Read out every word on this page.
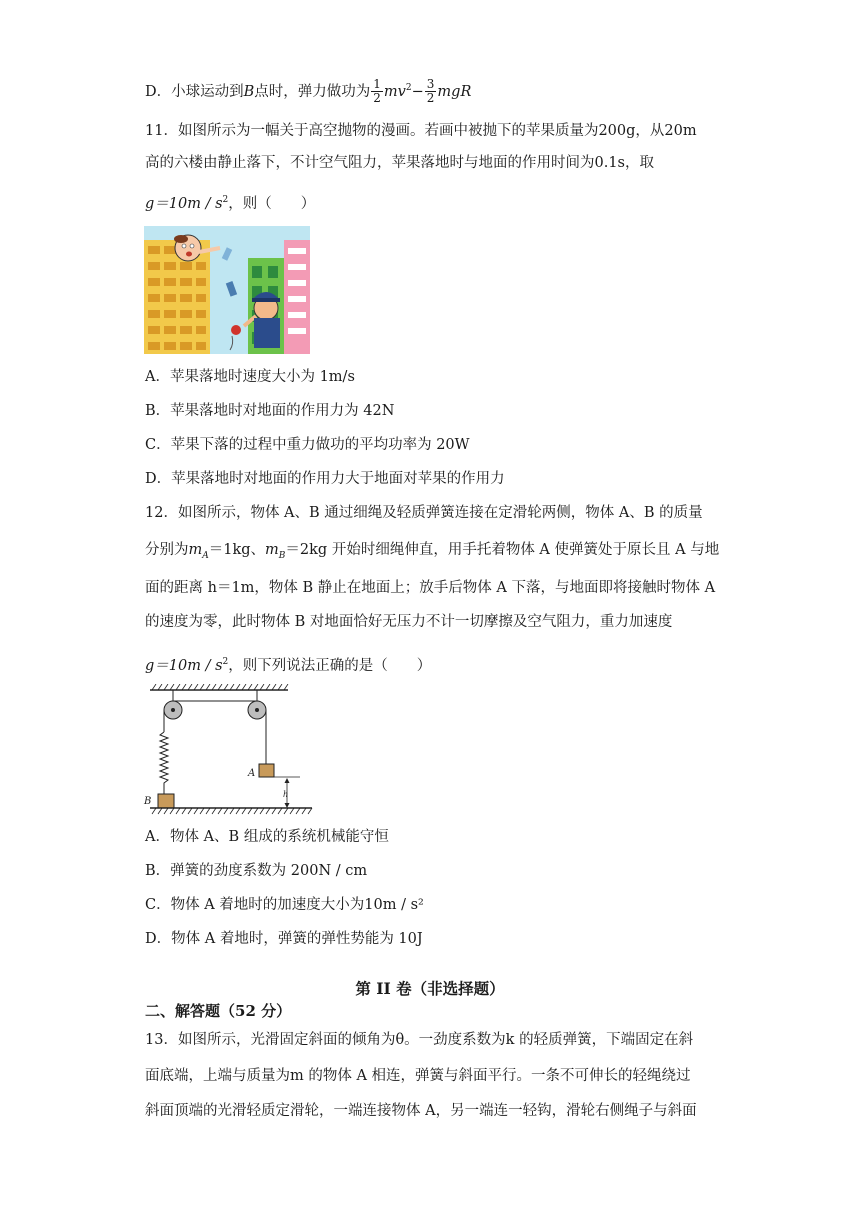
D．小球运动到B点时，弹力做功为 $\frac{1}{2} mv^2- \frac{3}{2}$ mgR
11．如图所示为一幅关于高空抛物的漫画。若画中被抛下的苹果质量为200g，从20m
高的六楼由静止落下，不计空气阻力，苹果落地时与地面的作用时间为0.1s，取
$g=10m / s^2$，则（　　）
A．苹果落地时速度大小为 1m/s
B．苹果落地时对地面的作用力为 42N
C．苹果下落的过程中重力做功的平均功率为 20W
D．苹果落地时对地面的作用力大于地面对苹果的作用力
12．如图所示，物体 A、B 通过细绳及轻质弹簧连接在定滑轮两侧，物体 A、B 的质量
分别为$m_A=1kg$、$m_B=2kg$ 开始时细绳伸直，用手托着物体 A 使弹簧处于原长且 A 与地
面的距离 h＝1m，物体 B 静止在地面上；放手后物体 A 下落，与地面即将接触时物体 A
的速度为零，此时物体 B 对地面恰好无压力不计一切摩擦及空气阻力，重力加速度
$g=10m / s^2$，则下列说法正确的是（　　）
B
A
h
A．物体 A、B 组成的系统机械能守恒
B．弹簧的劲度系数为 200N / cm
C．物体 A 着地时的加速度大小为10m / s²
D．物体 A 着地时，弹簧的弹性势能为 10J
第 II 卷（非选择题）
二、解答题（52 分）
13．如图所示，光滑固定斜面的倾角为θ。一劲度系数为k 的轻质弹簧，下端固定在斜
面底端，上端与质量为m 的物体 A 相连，弹簧与斜面平行。一条不可伸长的轻绳绕过
斜面顶端的光滑轻质定滑轮，一端连接物体 A，另一端连一轻钩，滑轮右侧绳子与斜面
